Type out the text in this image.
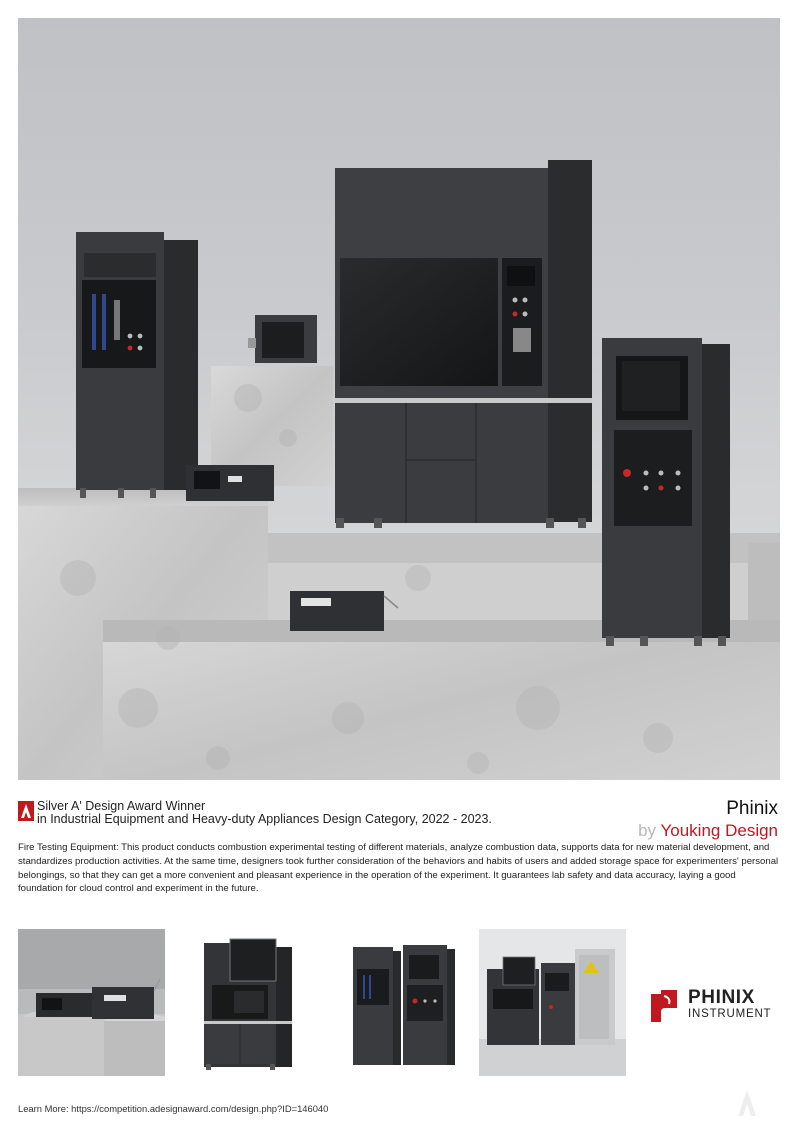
Silver A' Design Award Winner
in Industrial Equipment and Heavy-duty Appliances Design Category, 2022 - 2023.	Phinix
by Youking Design
Fire Testing Equipment: This product conducts combustion experimental testing of different materials, analyze combustion data, supports data for new material development, and standardizes production activities. At the same time, designers took further consideration of the behaviors and habits of users and added storage space for experimenters' personal belongings, so that they can get a more convenient and pleasant experience in the operation of the experiment. It guarantees lab safety and data accuracy, laying a good foundation for cloud control and experiment in the future.
PHINIX
INSTRUMENT
Learn More: https://competition.adesignaward.com/design.php?ID=146040
